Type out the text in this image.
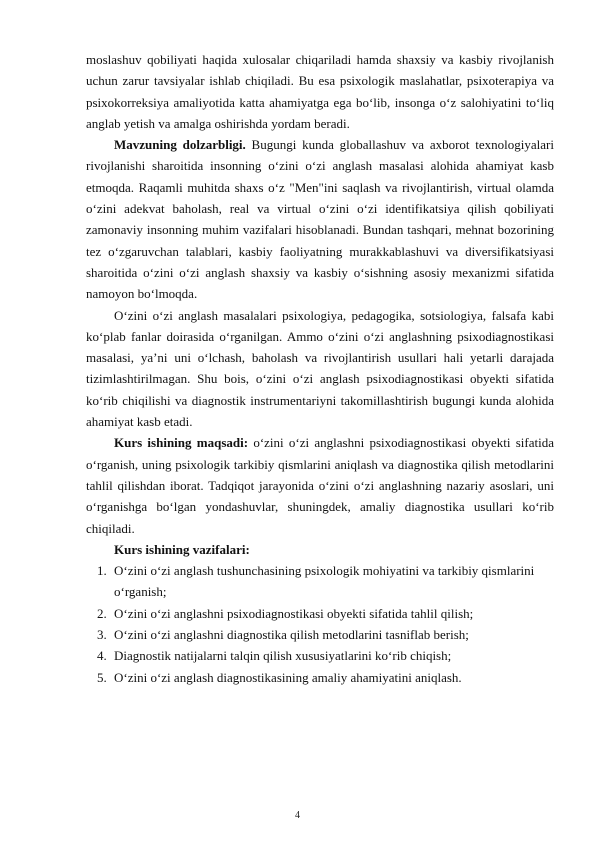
moslashuv qobiliyati haqida xulosalar chiqariladi hamda shaxsiy va kasbiy rivojlanish uchun zarur tavsiyalar ishlab chiqiladi. Bu esa psixologik maslahatlar, psixoterapiya va psixokorreksiya amaliyotida katta ahamiyatga ega bo‘lib, insonga o‘z salohiyatini to‘liq anglab yetish va amalga oshirishda yordam beradi.

Mavzuning dolzarbligi. Bugungi kunda globallashuv va axborot texnologiyalari rivojlanishi sharoitida insonning o‘zini o‘zi anglash masalasi alohida ahamiyat kasb etmoqda. Raqamli muhitda shaxs o‘z "Men"ini saqlash va rivojlantirish, virtual olamda o‘zini adekvat baholash, real va virtual o‘zini o‘zi identifikatsiya qilish qobiliyati zamonaviy insonning muhim vazifalari hisoblanadi. Bundan tashqari, mehnat bozorining tez o‘zgaruvchan talablari, kasbiy faoliyatning murakkablashuvi va diversifikatsiyasi sharoitida o‘zini o‘zi anglash shaxsiy va kasbiy o‘sishning asosiy mexanizmi sifatida namoyon bo‘lmoqda.

O‘zini o‘zi anglash masalalari psixologiya, pedagogika, sotsiologiya, falsafa kabi ko‘plab fanlar doirasida o‘rganilgan. Ammo o‘zini o‘zi anglashning psixodiagnostikasi masalasi, ya’ni uni o‘lchash, baholash va rivojlantirish usullari hali yetarli darajada tizimlashtirilmagan. Shu bois, o‘zini o‘zi anglash psixodiagnostikasi obyekti sifatida ko‘rib chiqilishi va diagnostik instrumentariyni takomillashtirish bugungi kunda alohida ahamiyat kasb etadi.

Kurs ishining maqsadi: o‘zini o‘zi anglashni psixodiagnostikasi obyekti sifatida o‘rganish, uning psixologik tarkibiy qismlarini aniqlash va diagnostika qilish metodlarini tahlil qilishdan iborat. Tadqiqot jarayonida o‘zini o‘zi anglashning nazariy asoslari, uni o‘rganishga bo‘lgan yondashuvlar, shuningdek, amaliy diagnostika usullari ko‘rib chiqiladi.

Kurs ishining vazifalari:

1. O‘zini o‘zi anglash tushunchasining psixologik mohiyatini va tarkibiy qismlarini o‘rganish;
2. O‘zini o‘zi anglashni psixodiagnostikasi obyekti sifatida tahlil qilish;
3. O‘zini o‘zi anglashni diagnostika qilish metodlarini tasniflab berish;
4. Diagnostik natijalarni talqin qilish xususiyatlarini ko‘rib chiqish;
5. O‘zini o‘zi anglash diagnostikasining amaliy ahamiyatini aniqlash.
4
